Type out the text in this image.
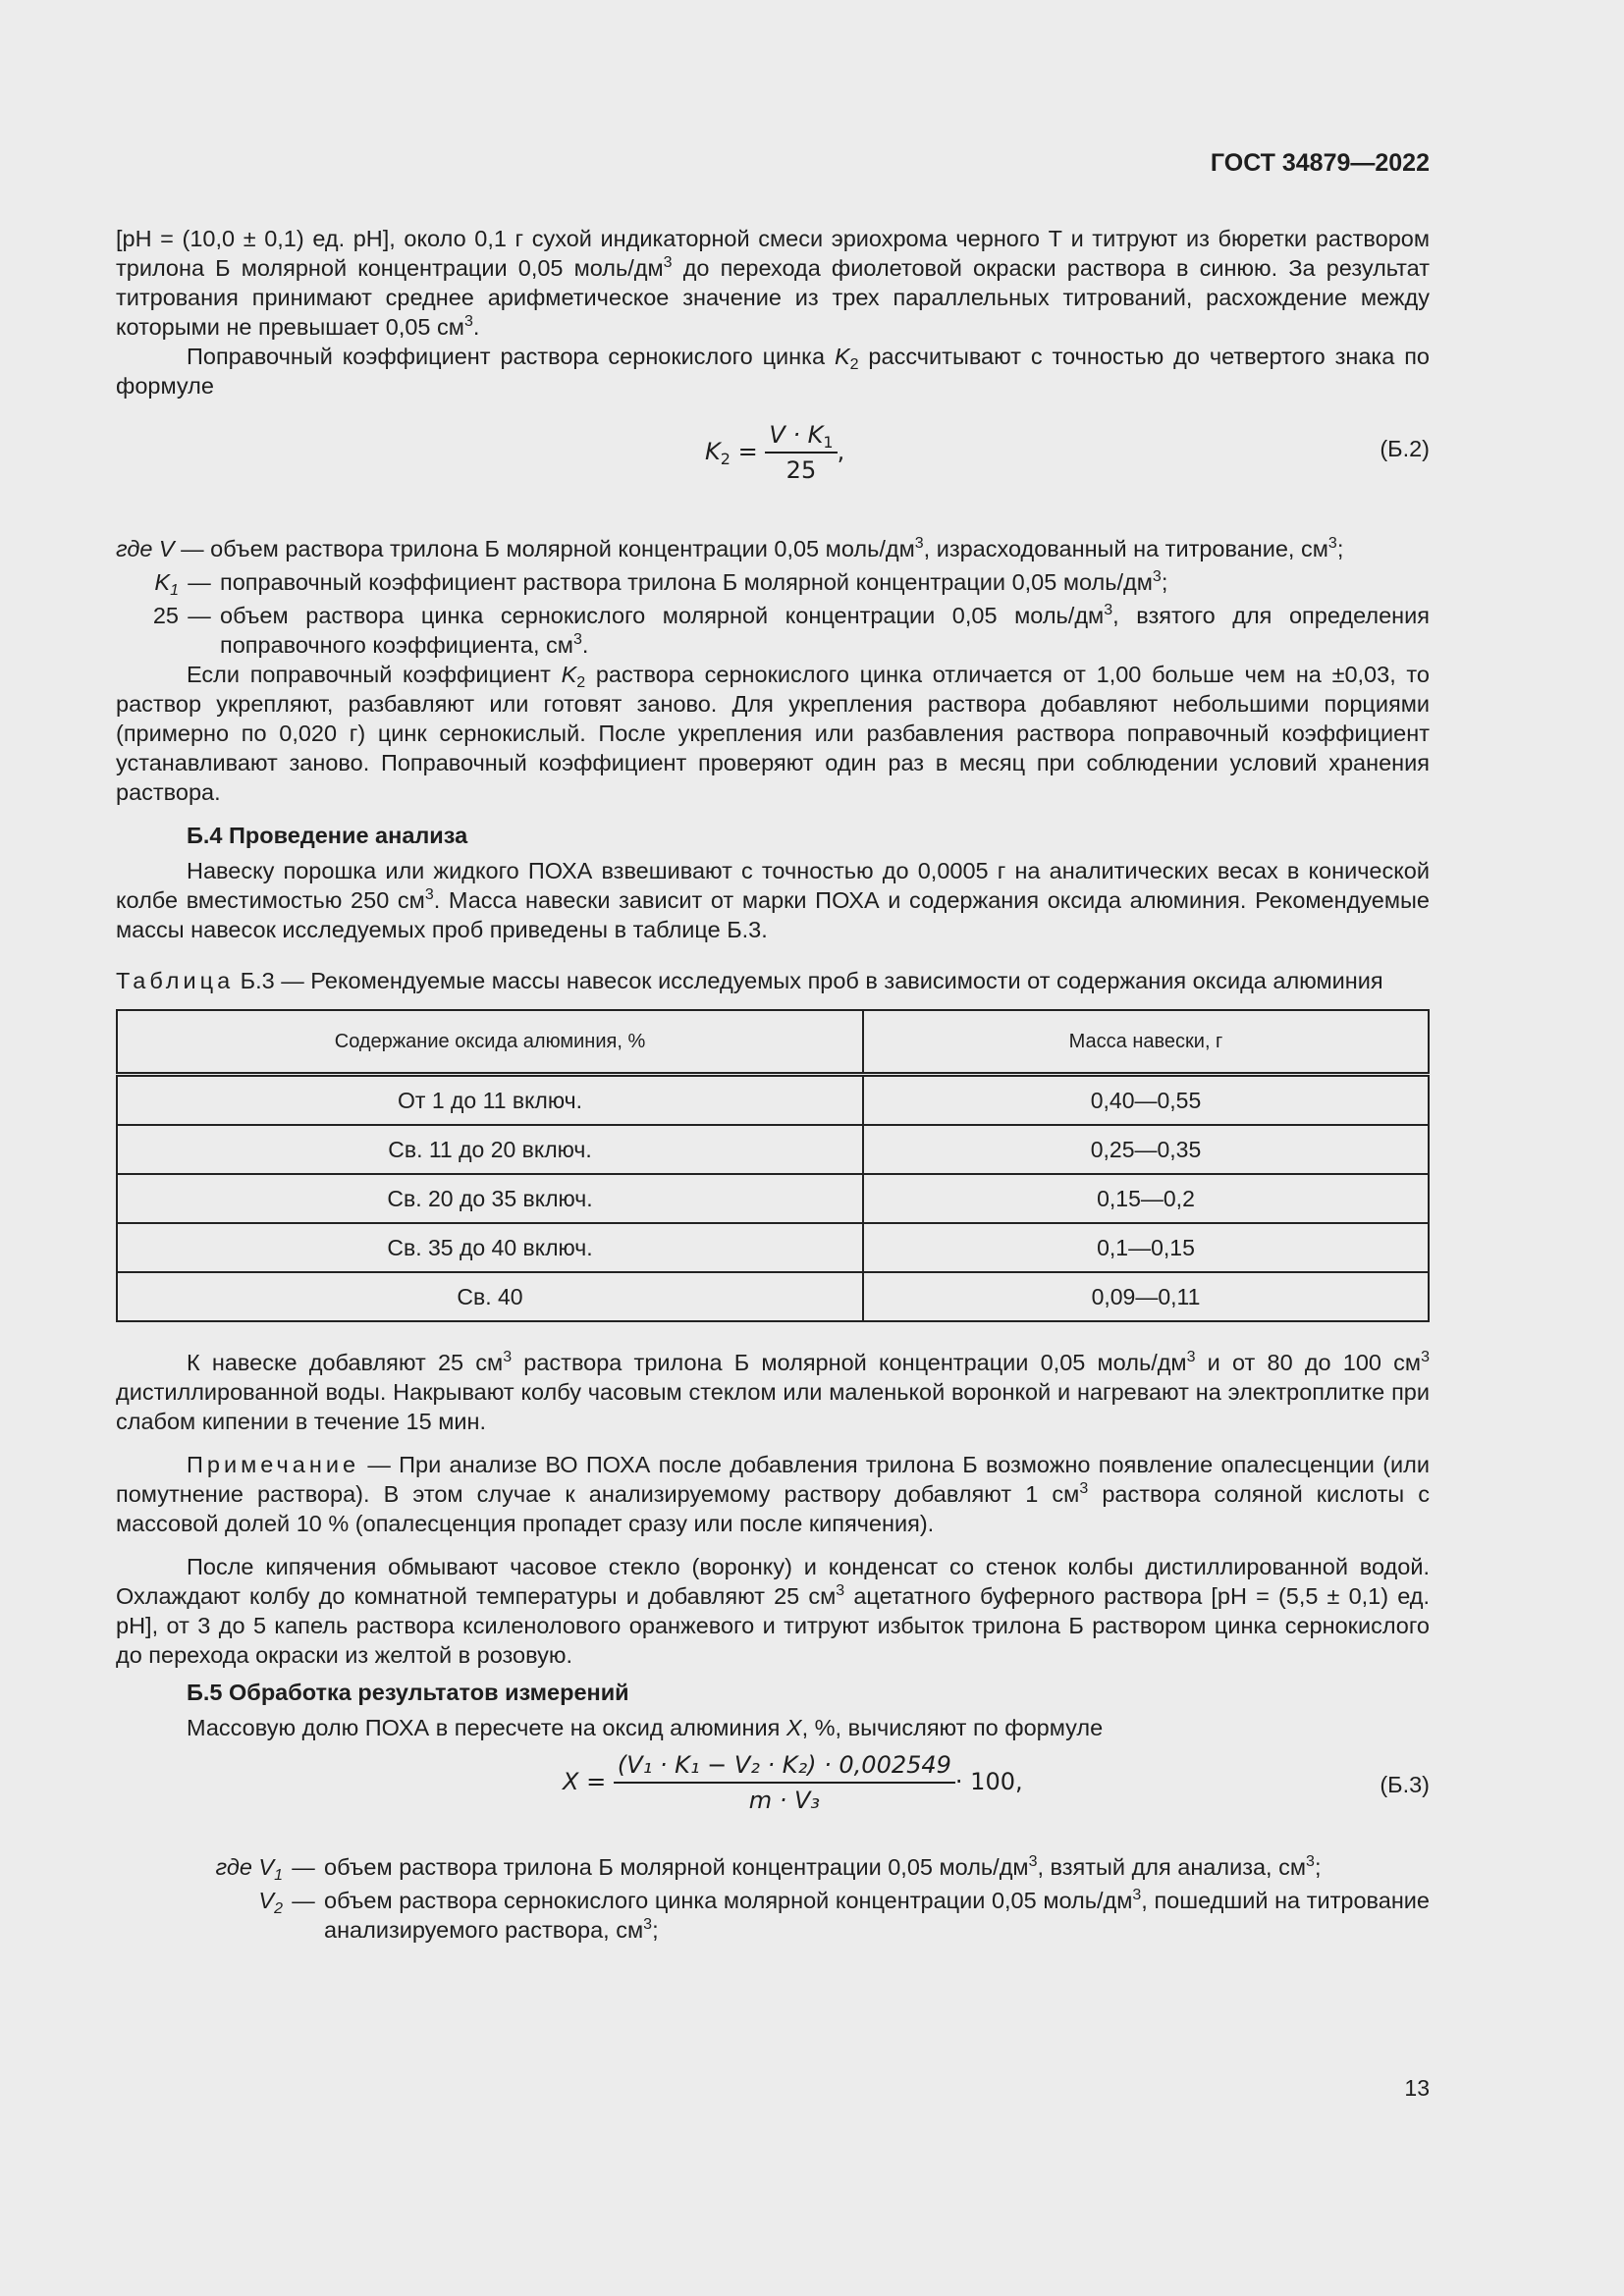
ГОСТ 34879—2022

[pH = (10,0 ± 0,1) ед. pH], около 0,1 г сухой индикаторной смеси эриохрома черного Т и титруют из бюретки раствором трилона Б молярной концентрации 0,05 моль/$дм^3$ до перехода фиолетовой окраски раствора в синюю. За результат титрования принимают среднее арифметическое значение из трех параллельных титрований, расхождение между которыми не превышает 0,05 $см^3$.

Поправочный коэффициент раствора сернокислого цинка $K_2$ рассчитывают с точностью до четвертого знака по формуле

$K_2 = \frac{V \cdot K_1}{25}$ ,	(Б.2)
где V — объем раствора трилона Б молярной концентрации 0,05 моль/$дм^3$, израсходованный на титрование, $см^3$;
$K_1$ — поправочный коэффициент раствора трилона Б молярной концентрации 0,05 моль/$дм^3$;
25 — объем раствора цинка сернокислого молярной концентрации 0,05 моль/$дм^3$, взятого для определения поправочного коэффициента, $см^3$.

Если поправочный коэффициент $K_2$ раствора сернокислого цинка отличается от 1,00 больше чем на ±0,03, то раствор укрепляют, разбавляют или готовят заново. Для укрепления раствора добавляют небольшими порциями (примерно по 0,020 г) цинк сернокислый. После укрепления или разбавления раствора поправочный коэффициент устанавливают заново. Поправочный коэффициент проверяют один раз в месяц при соблюдении условий хранения раствора.

Б.4 Проведение анализа

Навеску порошка или жидкого ПОХА взвешивают с точностью до 0,0005 г на аналитических весах в конической колбе вместимостью 250 $см^3$. Масса навески зависит от марки ПОХА и содержания оксида алюминия. Рекомендуемые массы навесок исследуемых проб приведены в таблице Б.3.

Таблица Б.3 — Рекомендуемые массы навесок исследуемых проб в зависимости от содержания оксида алюминия

Содержание оксида алюминия, %	Масса навески, г
От 1 до 11 включ.	0,40—0,55
Св. 11 до 20 включ.	0,25—0,35
Св. 20 до 35 включ.	0,15—0,2
Св. 35 до 40 включ.	0,1—0,15
Св. 40	0,09—0,11

К навеске добавляют 25 $см^3$ раствора трилона Б молярной концентрации 0,05 моль/$дм^3$ и от 80 до 100 $см^3$ дистиллированной воды. Накрывают колбу часовым стеклом или маленькой воронкой и нагревают на электроплитке при слабом кипении в течение 15 мин.

Примечание — При анализе ВО ПОХА после добавления трилона Б возможно появление опалесценции (или помутнение раствора). В этом случае к анализируемому раствору добавляют 1 $см^3$ раствора соляной кислоты с массовой долей 10 % (опалесценция пропадет сразу или после кипячения).

После кипячения обмывают часовое стекло (воронку) и конденсат со стенок колбы дистиллированной водой. Охлаждают колбу до комнатной температуры и добавляют 25 $см^3$ ацетатного буферного раствора [pH = (5,5 ± 0,1) ед. pH], от 3 до 5 капель раствора ксиленолового оранжевого и титруют избыток трилона Б раствором цинка сернокислого до перехода окраски из желтой в розовую.

Б.5 Обработка результатов измерений

Массовую долю ПОХА в пересчете на оксид алюминия X, %, вычисляют по формуле

$X = \frac{\text{(V₁ · K₁ − V₂ · K₂) · 0,002549}}{\text{m · V₃}} \cdot 100$,	(Б.3)
где $V_1$ — объем раствора трилона Б молярной концентрации 0,05 моль/$дм^3$, взятый для анализа, $см^3$;
$V_2$ — объем раствора сернокислого цинка молярной концентрации 0,05 моль/$дм^3$, пошедший на титрование анализируемого раствора, $см^3$;
13
